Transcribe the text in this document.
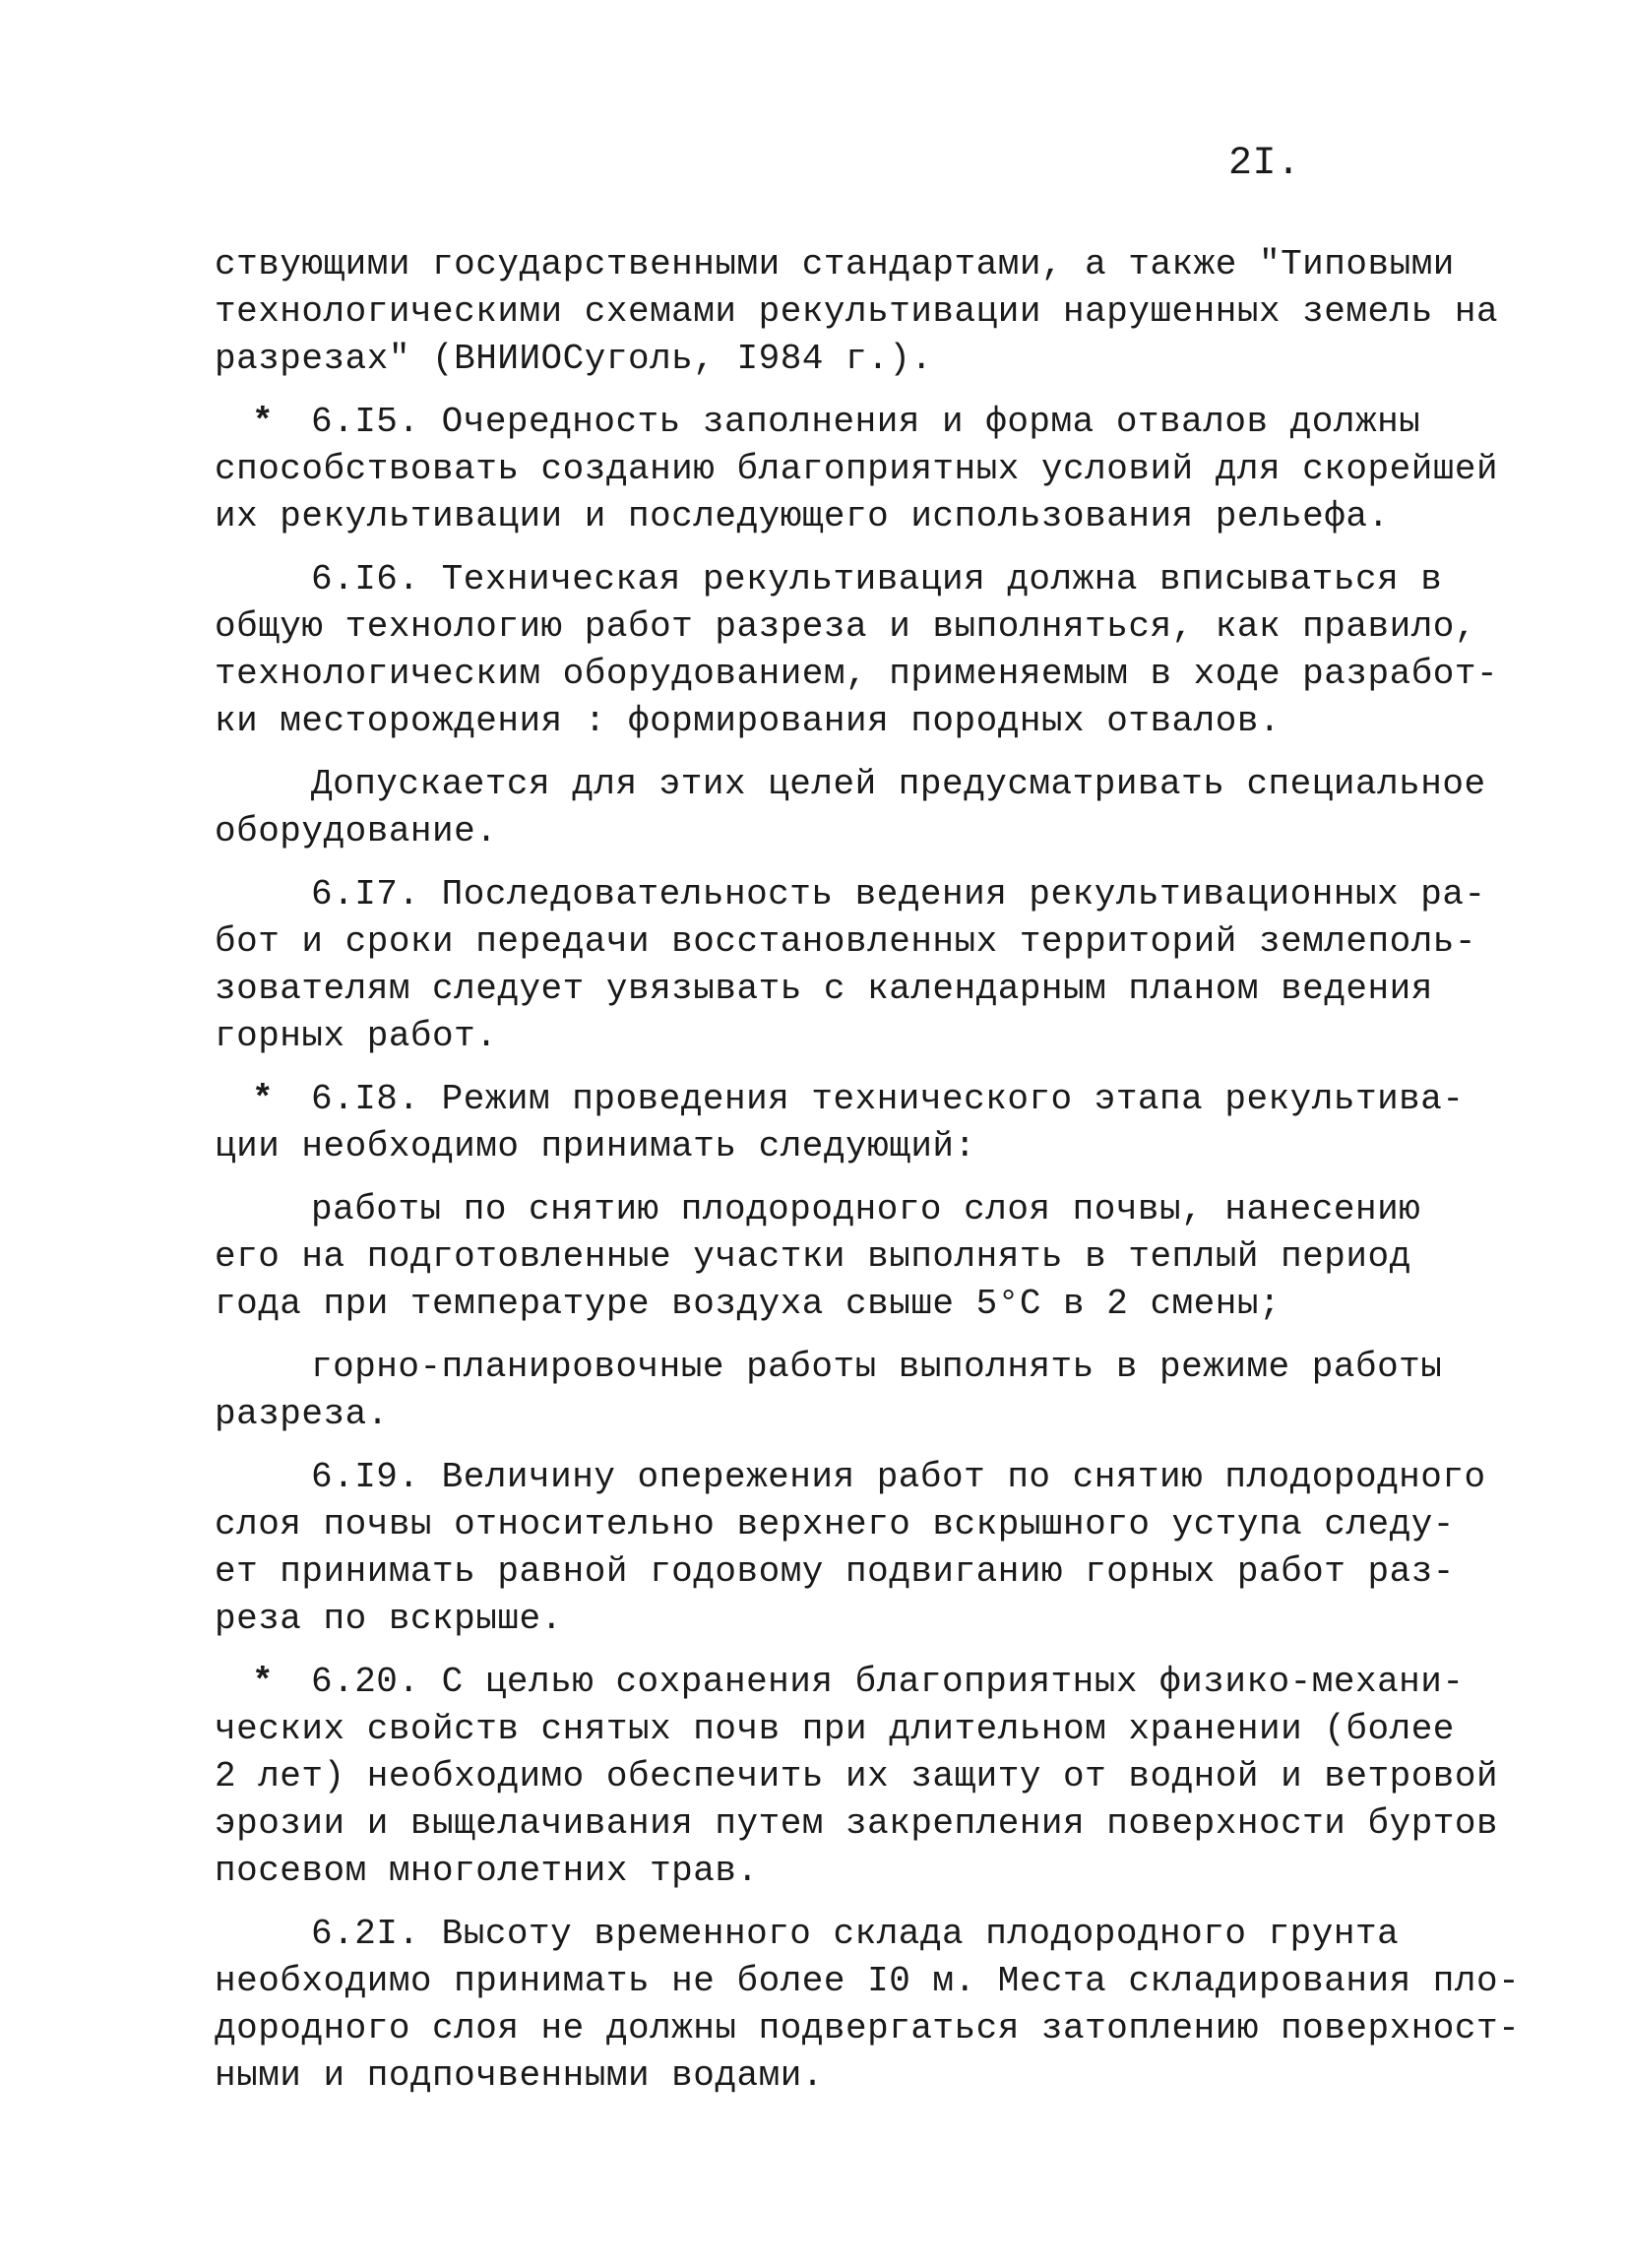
2I.

ствующими государственными стандартами, а также "Типовыми
технологическими схемами рекультивации нарушенных земель на
разрезах" (ВНИИОСуголь, I984 г.).

* 6.I5. Очередность заполнения и форма отвалов должны
способствовать созданию благоприятных условий для скорейшей
их рекультивации и последующего использования рельефа.

6.I6. Техническая рекультивация должна вписываться в
общую технологию работ разреза и выполняться, как правило,
технологическим оборудованием, применяемым в ходе разработ-
ки месторождения : формирования породных отвалов.

Допускается для этих целей предусматривать специальное
оборудование.

6.I7. Последовательность ведения рекультивационных ра-
бот и сроки передачи восстановленных территорий землеполь-
зователям следует увязывать с календарным планом ведения
горных работ.

* 6.I8. Режим проведения технического этапа рекультива-
ции необходимо принимать следующий:

работы по снятию плодородного слоя почвы, нанесению
его на подготовленные участки выполнять в теплый период
года при температуре воздуха свыше 5°С в 2 смены;

горно-планировочные работы выполнять в режиме работы
разреза.

6.I9. Величину опережения работ по снятию плодородного
слоя почвы относительно верхнего вскрышного уступа следу-
ет принимать равной годовому подвиганию горных работ раз-
реза по вскрыше.

* 6.20. С целью сохранения благоприятных физико-механи-
ческих свойств снятых почв при длительном хранении (более
2 лет) необходимо обеспечить их защиту от водной и ветровой
эрозии и выщелачивания путем закрепления поверхности буртов
посевом многолетних трав.

6.2I. Высоту временного склада плодородного грунта
необходимо принимать не более I0 м. Места складирования пло-
дородного слоя не должны подвергаться затоплению поверхност-
ными и подпочвенными водами.
